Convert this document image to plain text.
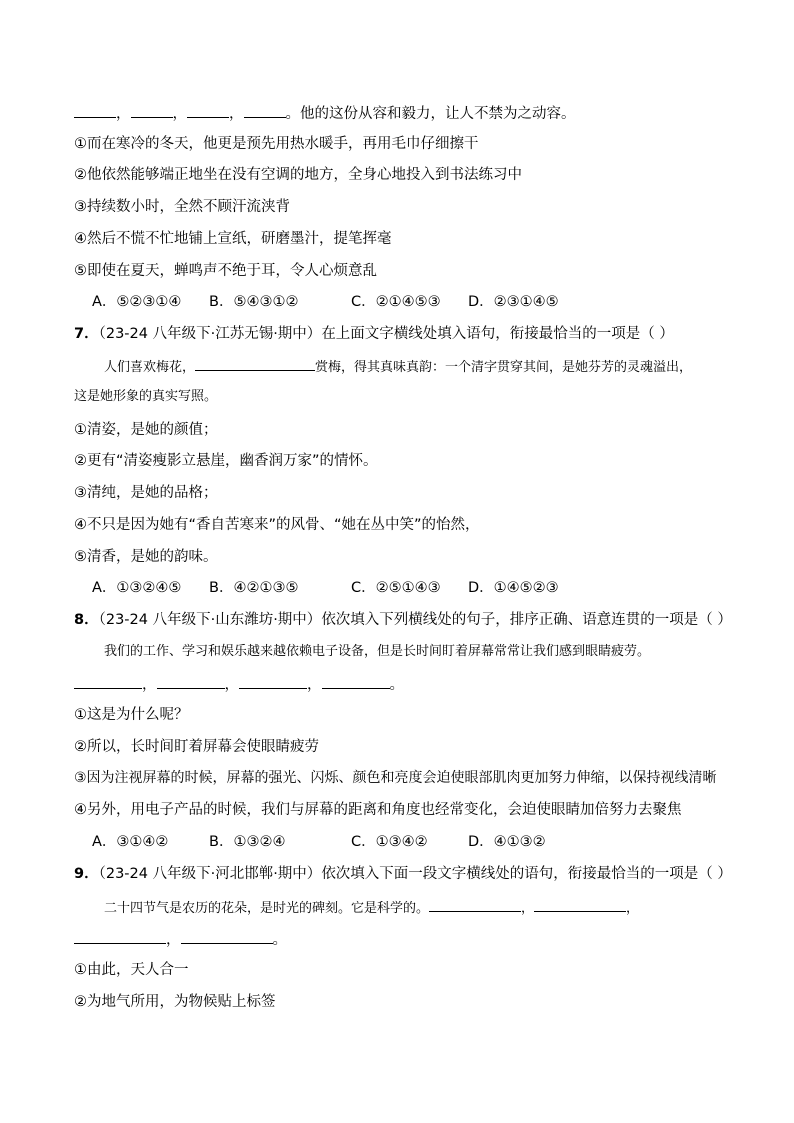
，	，	，	。他的这份从容和毅力，让人不禁为之动容。
①而在寒冷的冬天，他更是预先用热水暖手，再用毛巾仔细擦干
②他依然能够端正地坐在没有空调的地方，全身心地投入到书法练习中
③持续数小时，全然不顾汗流浃背
④然后不慌不忙地铺上宣纸，研磨墨汁，提笔挥毫
⑤即使在夏天，蝉鸣声不绝于耳，令人心烦意乱
A．⑤②③①④ B．⑤④③①②	C．②①④⑤③ D．②③①④⑤
7．（23-24 八年级下·江苏无锡·期中）在上面文字横线处填入语句，衔接最恰当的一项是（ ）
人们喜欢梅花，	赏梅，得其真味真韵：一个清字贯穿其间，是她芬芳的灵魂溢出，
这是她形象的真实写照。
①清姿，是她的颜值；
②更有“清姿瘦影立悬崖，幽香润万家”的情怀。
③清纯，是她的品格；
④不只是因为她有“香自苦寒来”的风骨、“她在丛中笑”的怡然，
⑤清香，是她的韵味。
A．①③②④⑤ B．④②①③⑤	C．②⑤①④③ D．①④⑤②③
8．（23-24 八年级下·山东潍坊·期中）依次填入下列横线处的句子，排序正确、语意连贯的一项是（ ）
我们的工作、学习和娱乐越来越依赖电子设备，但是长时间盯着屏幕常常让我们感到眼睛疲劳。
，	，	，	。
①这是为什么呢？
②所以，长时间盯着屏幕会使眼睛疲劳
③因为注视屏幕的时候，屏幕的强光、闪烁、颜色和亮度会迫使眼部肌肉更加努力伸缩，以保持视线清晰
④另外，用电子产品的时候，我们与屏幕的距离和角度也经常变化，会迫使眼睛加倍努力去聚焦
A．③①④②	B．①③②④	C．①③④②	D．④①③②
9．（23-24 八年级下·河北邯郸·期中）依次填入下面一段文字横线处的语句，衔接最恰当的一项是（ ）
二十四节气是农历的花朵，是时光的碑刻。它是科学的。	，	，
，	。
①由此，天人合一
②为地气所用，为物候贴上标签
